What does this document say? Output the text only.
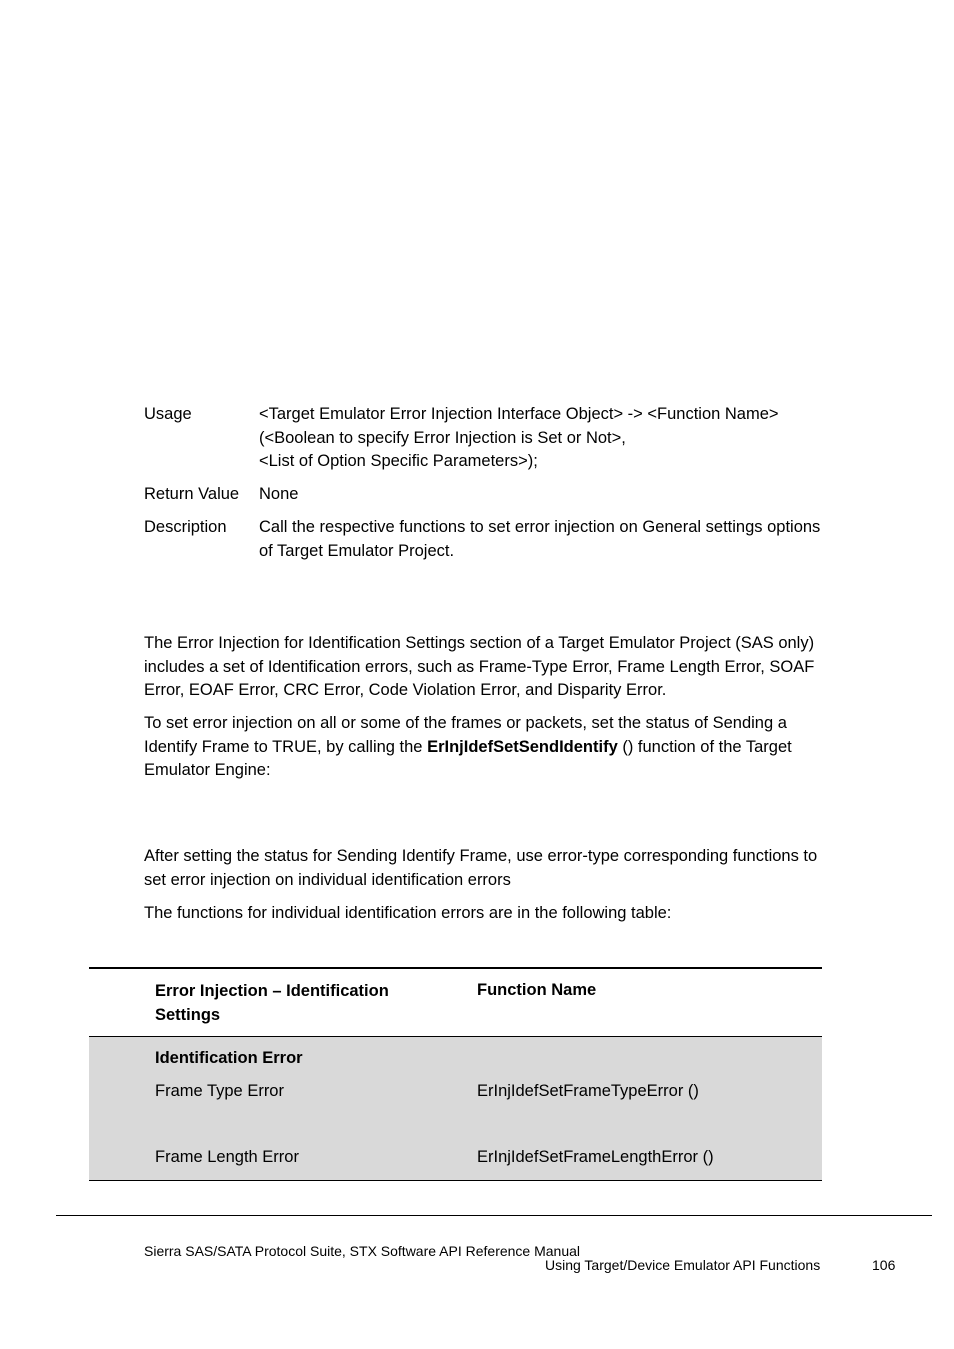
Usage	<Target Emulator Error Injection Interface Object> -> <Function Name>
(<Boolean to specify Error Injection is Set or Not>,
<List of Option Specific Parameters>);
Return Value None
Description Call the respective functions to set error injection on General settings options
of Target Emulator Project.
The Error Injection for Identification Settings section of a Target Emulator Project (SAS only)
includes a set of Identification errors, such as Frame-Type Error, Frame Length Error, SOAF
Error, EOAF Error, CRC Error, Code Violation Error, and Disparity Error.
To set error injection on all or some of the frames or packets, set the status of Sending a
Identify Frame to TRUE, by calling the ErInjIdefSetSendIdentify () function of the Target
Emulator Engine:
After setting the status for Sending Identify Frame, use error-type corresponding functions to
set error injection on individual identification errors
The functions for individual identification errors are in the following table:
Error Injection – Identification
Settings
Function Name
Identification Error
Frame Type Error	ErInjIdefSetFrameTypeError ()
Frame Length Error	ErInjIdefSetFrameLengthError ()
Sierra SAS/SATA Protocol Suite, STX Software API Reference Manual
Using Target/Device Emulator API Functions	106
